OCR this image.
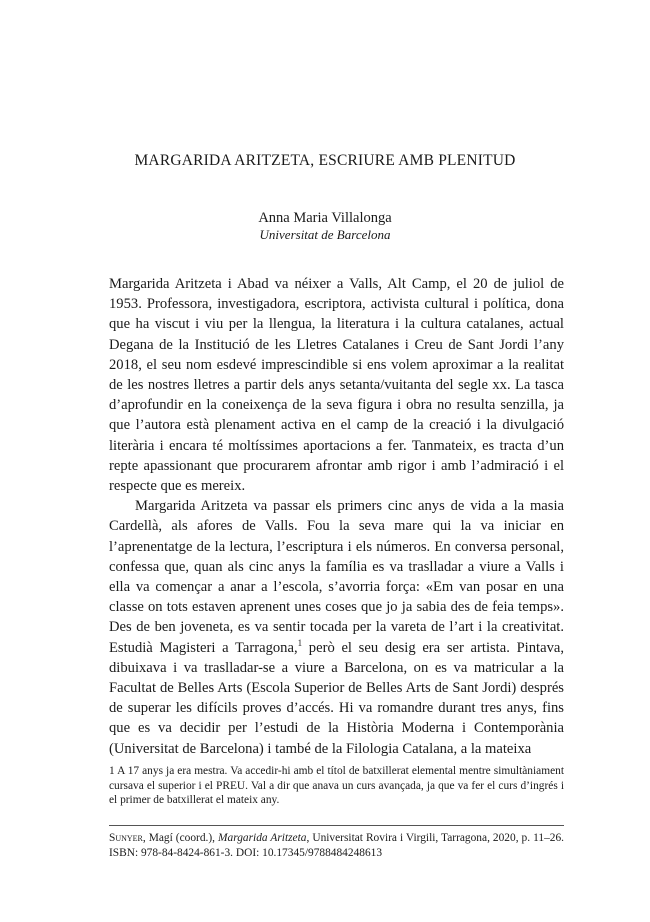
MARGARIDA ARITZETA, ESCRIURE AMB PLENITUD
Anna Maria Villalonga
Universitat de Barcelona

Margarida Aritzeta i Abad va néixer a Valls, Alt Camp, el 20 de juliol de 1953. Professora, investigadora, escriptora, activista cultural i política, dona que ha viscut i viu per la llengua, la literatura i la cultura catalanes, actual Degana de la Institució de les Lletres Catalanes i Creu de Sant Jordi l’any 2018, el seu nom esdevé imprescindible si ens volem aproximar a la realitat de les nostres lletres a partir dels anys setanta/vuitanta del segle xx. La tasca d’aprofundir en la coneixença de la seva figura i obra no resulta senzilla, ja que l’autora està plenament activa en el camp de la creació i la divulgació literària i encara té moltíssimes aportacions a fer. Tanmateix, es tracta d’un repte apassionant que procurarem afrontar amb rigor i amb l’admiració i el respecte que es mereix.

Margarida Aritzeta va passar els primers cinc anys de vida a la masia Cardellà, als afores de Valls. Fou la seva mare qui la va iniciar en l’aprenentatge de la lectura, l’escriptura i els números. En conversa personal, confessa que, quan als cinc anys la família es va traslladar a viure a Valls i ella va començar a anar a l’escola, s’avorria força: «Em van posar en una classe on tots estaven aprenent unes coses que jo ja sabia des de feia temps». Des de ben joveneta, es va sentir tocada per la vareta de l’art i la creativitat. Estudià Magisteri a Tarragona,$^1$ però el seu desig era ser artista. Pintava, dibuixava i va traslladar-se a viure a Barcelona, on es va matricular a la Facultat de Belles Arts (Escola Superior de Belles Arts de Sant Jordi) després de superar les difícils proves d’accés. Hi va romandre durant tres anys, fins que es va decidir per l’estudi de la Història Moderna i Contemporània (Universitat de Barcelona) i també de la Filologia Catalana, a la mateixa

1 A 17 anys ja era mestra. Va accedir-hi amb el títol de batxillerat elemental mentre simultàniament cursava el superior i el PREU. Val a dir que anava un curs avançada, ja que va fer el curs d’ingrés i el primer de batxillerat el mateix any.

Sunyer, Magí (coord.), Margarida Aritzeta, Universitat Rovira i Virgili, Tarragona, 2020, p. 11–26. ISBN: 978-84-8424-861-3. DOI: 10.17345/9788484248613
